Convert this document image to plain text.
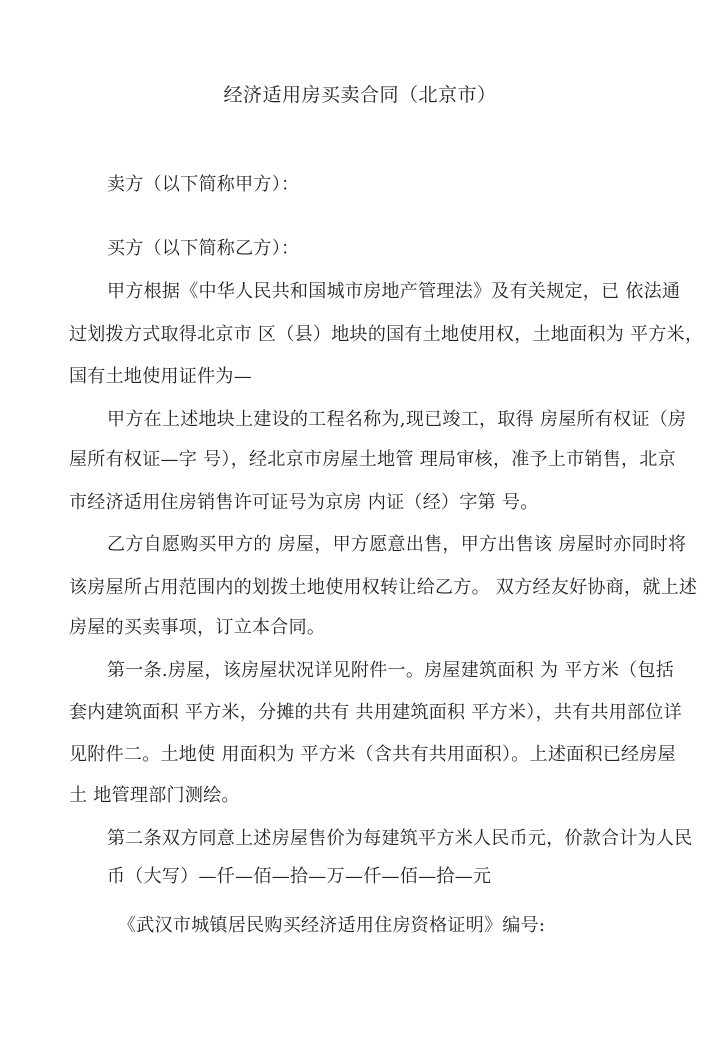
经济适用房买卖合同（北京市）
卖方（以下简称甲方）：
买方（以下简称乙方）：
甲方根据《中华人民共和国城市房地产管理法》及有关规定，已 依法通
过划拨方式取得北京市 区（县）地块的国有土地使用权，土地面积为 平方米，
国有土地使用证件为—
甲方在上述地块上建设的工程名称为,现已竣工，取得 房屋所有权证（房
屋所有权证—字 号），经北京市房屋土地管 理局审核，准予上市销售，北京
市经济适用住房销售许可证号为京房 内证（经）字第 号。
乙方自愿购买甲方的 房屋，甲方愿意出售，甲方出售该 房屋时亦同时将
该房屋所占用范围内的划拨土地使用权转让给乙方。 双方经友好协商，就上述
房屋的买卖事项，订立本合同。
第一条.房屋，该房屋状况详见附件一。房屋建筑面积 为 平方米（包括
套内建筑面积 平方米，分摊的共有 共用建筑面积 平方米），共有共用部位详
见附件二。土地使 用面积为 平方米（含共有共用面积）。上述面积已经房屋
土 地管理部门测绘。
第二条双方同意上述房屋售价为每建筑平方米人民币元，价款合计为人民
币（大写）—仟—佰—拾—万—仟—佰—拾—元
《武汉市城镇居民购买经济适用住房资格证明》编号:
